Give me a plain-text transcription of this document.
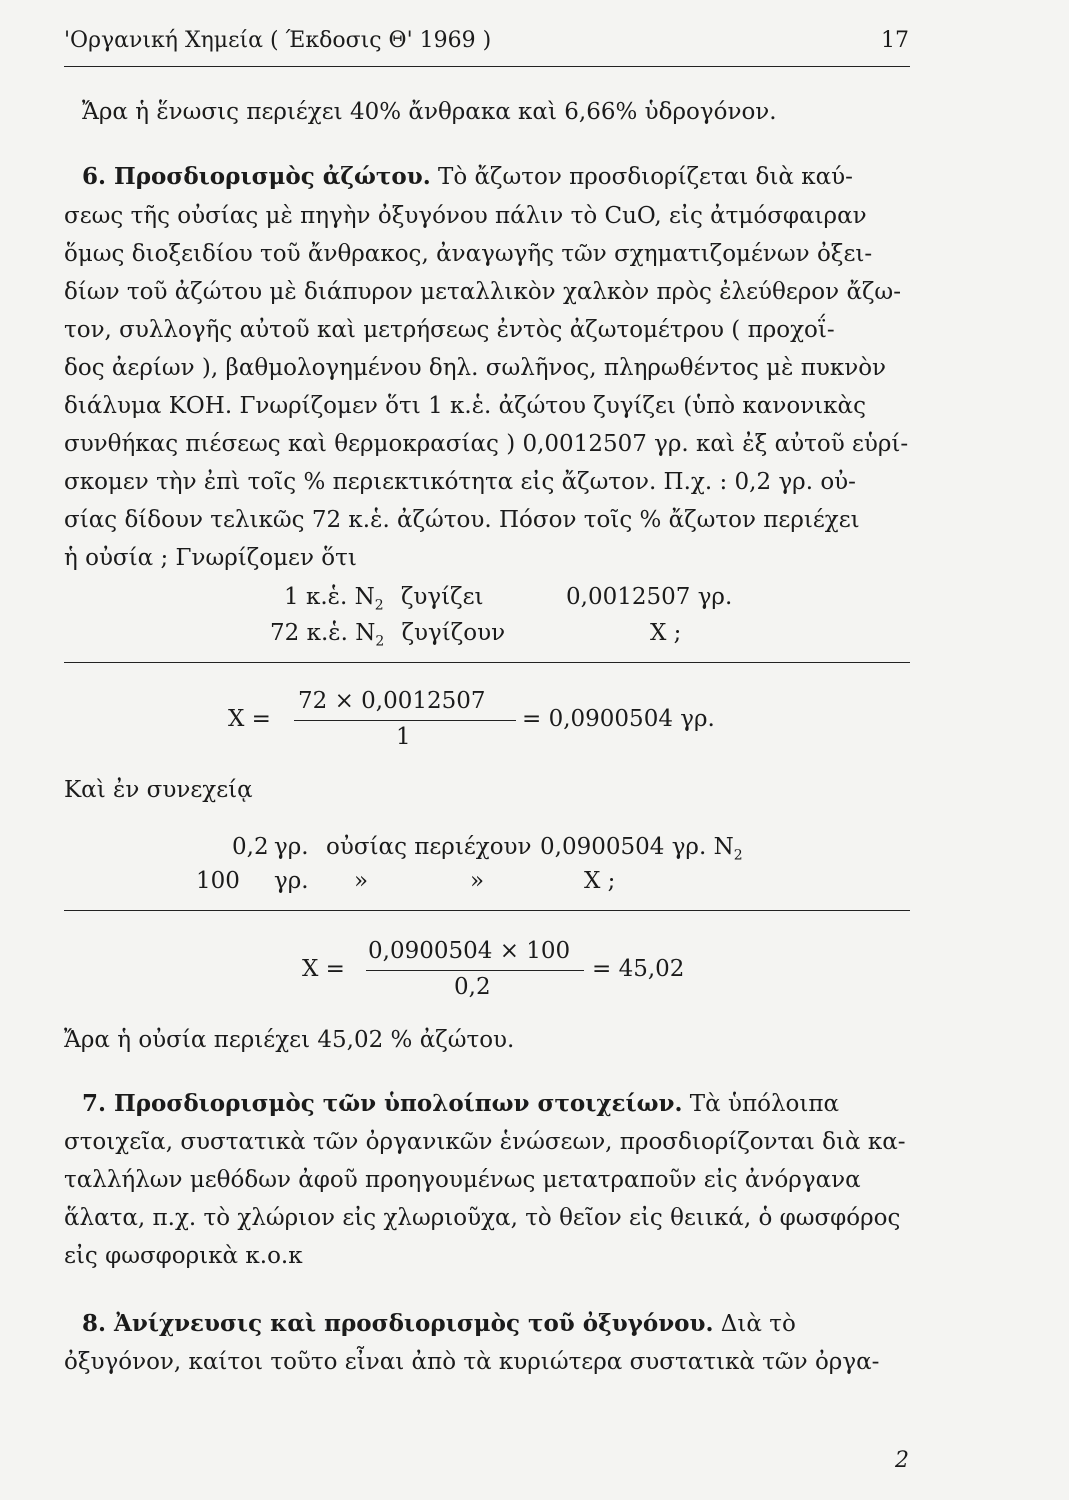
'Οργανική Χημεία ( Έκδοσις Θ' 1969 )	17
Ἄρα ἡ ἕνωσις περιέχει 40% ἄνθρακα καὶ 6,66% ὑδρογόνον.
6. Προσδιορισμὸς ἀζώτου. Τὸ ἄζωτον προσδιορίζεται διὰ καύ-
σεως τῆς οὐσίας μὲ πηγὴν ὀξυγόνου πάλιν τὸ CuO, εἰς ἀτμόσφαιραν
ὅμως διοξειδίου τοῦ ἄνθρακος, ἀναγωγῆς τῶν σχηματιζομένων ὀξει-
δίων τοῦ ἀζώτου μὲ διάπυρον μεταλλικὸν χαλκὸν πρὸς ἐλεύθερον ἄζω-
τον, συλλογῆς αὐτοῦ καὶ μετρήσεως ἐντὸς ἀζωτομέτρου ( προχοΐ-
δος ἀερίων ), βαθμολογημένου δηλ. σωλῆνος, πληρωθέντος μὲ πυκνὸν
διάλυμα ΚΟΗ. Γνωρίζομεν ὅτι 1 κ.ἑ. ἀζώτου ζυγίζει (ὑπὸ κανονικὰς
συνθήκας πιέσεως καὶ θερμοκρασίας ) 0,0012507 γρ. καὶ ἐξ αὐτοῦ εὑρί-
σκομεν τὴν ἐπὶ τοῖς % περιεκτικότητα εἰς ἄζωτον. Π.χ. : 0,2 γρ. οὐ-
σίας δίδουν τελικῶς 72 κ.ἑ. ἀζώτου. Πόσον τοῖς % ἄζωτον περιέχει
ἡ οὐσία ; Γνωρίζομεν ὅτι
1 κ.ἑ. $N_2$ ζυγίζει	0,0012507 γρ.
72 κ.ἑ. $N_2$ ζυγίζουν	X ;
X =
72 × 0,0012507
1
= 0,0900504 γρ.
Καὶ ἐν συνεχείᾳ
0,2 γρ. οὐσίας περιέχουν 0,0900504 γρ. $N_2$
100 γρ. »	»	X ;
X =
0,0900504 × 100
0,2
= 45,02
Ἄρα ἡ οὐσία περιέχει 45,02 % ἀζώτου.
7. Προσδιορισμὸς τῶν ὑπολοίπων στοιχείων. Τὰ ὑπόλοιπα
στοιχεῖα, συστατικὰ τῶν ὀργανικῶν ἑνώσεων, προσδιορίζονται διὰ κα-
ταλλήλων μεθόδων ἀφοῦ προηγουμένως μετατραποῦν εἰς ἀνόργανα
ἅλατα, π.χ. τὸ χλώριον εἰς χλωριοῦχα, τὸ θεῖον εἰς θειικά, ὁ φωσφόρος
εἰς φωσφορικὰ κ.ο.κ
8. Ἀνίχνευσις καὶ προσδιορισμὸς τοῦ ὀξυγόνου. Διὰ τὸ
ὀξυγόνον, καίτοι τοῦτο εἶναι ἀπὸ τὰ κυριώτερα συστατικὰ τῶν ὀργα-
2
